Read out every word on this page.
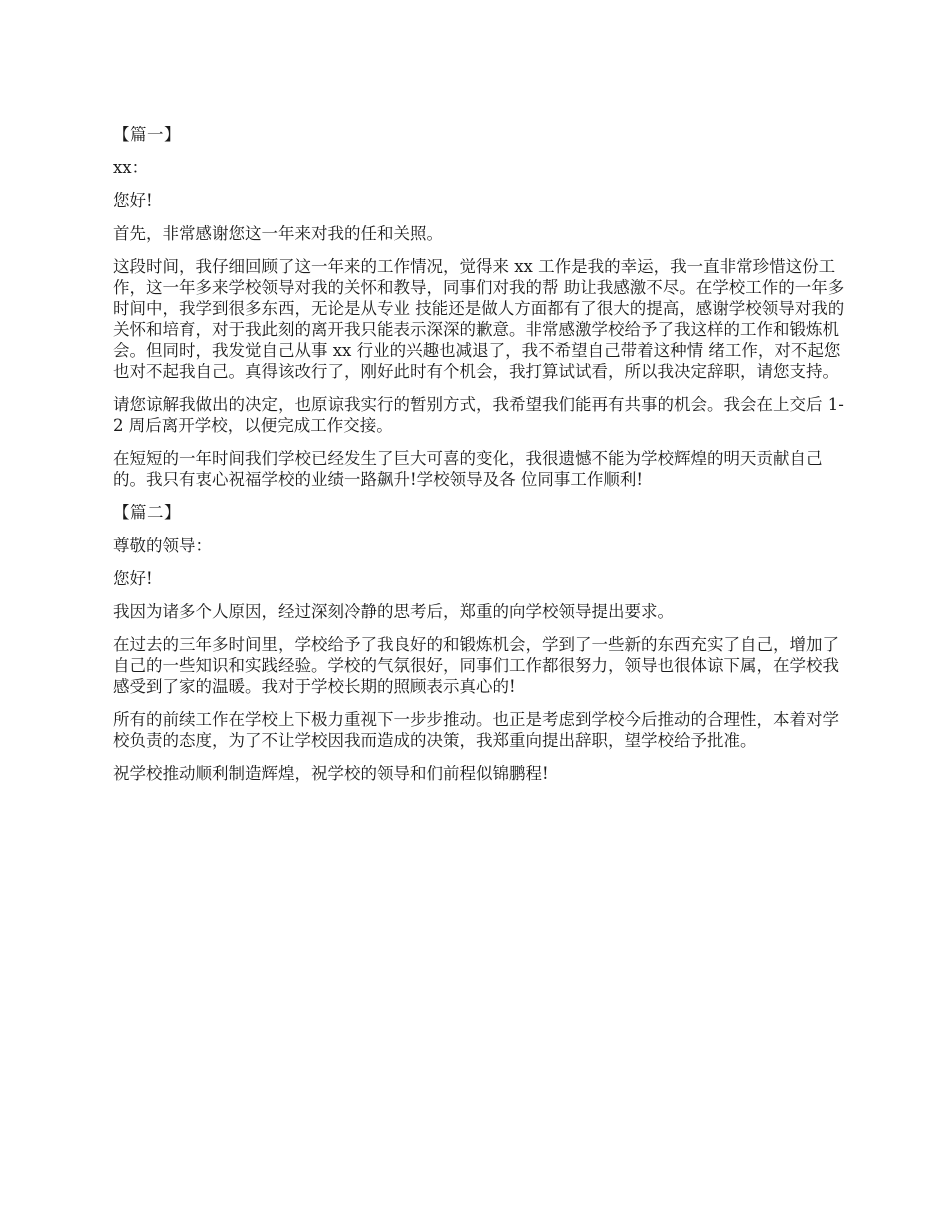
【篇一】

xx：

您好!

首先，非常感谢您这一年来对我的任和关照。

这段时间，我仔细回顾了这一年来的工作情况，觉得来 xx 工作是我的幸运，我一直非常珍惜这份工作，这一年多来学校领导对我的关怀和教导，同事们对我的帮 助让我感激不尽。在学校工作的一年多时间中，我学到很多东西，无论是从专业 技能还是做人方面都有了很大的提高，感谢学校领导对我的关怀和培育，对于我此刻的离开我只能表示深深的歉意。非常感激学校给予了我这样的工作和锻炼机 会。但同时，我发觉自己从事 xx 行业的兴趣也减退了，我不希望自己带着这种情 绪工作，对不起您也对不起我自己。真得该改行了，刚好此时有个机会，我打算试试看，所以我决定辞职，请您支持。

请您谅解我做出的决定，也原谅我实行的暂别方式，我希望我们能再有共事的机会。我会在上交后 1-2 周后离开学校，以便完成工作交接。

在短短的一年时间我们学校已经发生了巨大可喜的变化，我很遗憾不能为学校辉煌的明天贡献自己的。我只有衷心祝福学校的业绩一路飙升!学校领导及各 位同事工作顺利!

【篇二】

尊敬的领导：

您好!

我因为诸多个人原因，经过深刻冷静的思考后，郑重的向学校领导提出要求。

在过去的三年多时间里，学校给予了我良好的和锻炼机会，学到了一些新的东西充实了自己，增加了自己的一些知识和实践经验。学校的气氛很好，同事们工作都很努力，领导也很体谅下属，在学校我感受到了家的温暖。我对于学校长期的照顾表示真心的!

所有的前续工作在学校上下极力重视下一步步推动。也正是考虑到学校今后推动的合理性，本着对学校负责的态度，为了不让学校因我而造成的决策，我郑重向提出辞职，望学校给予批准。

祝学校推动顺利制造辉煌，祝学校的领导和们前程似锦鹏程!
